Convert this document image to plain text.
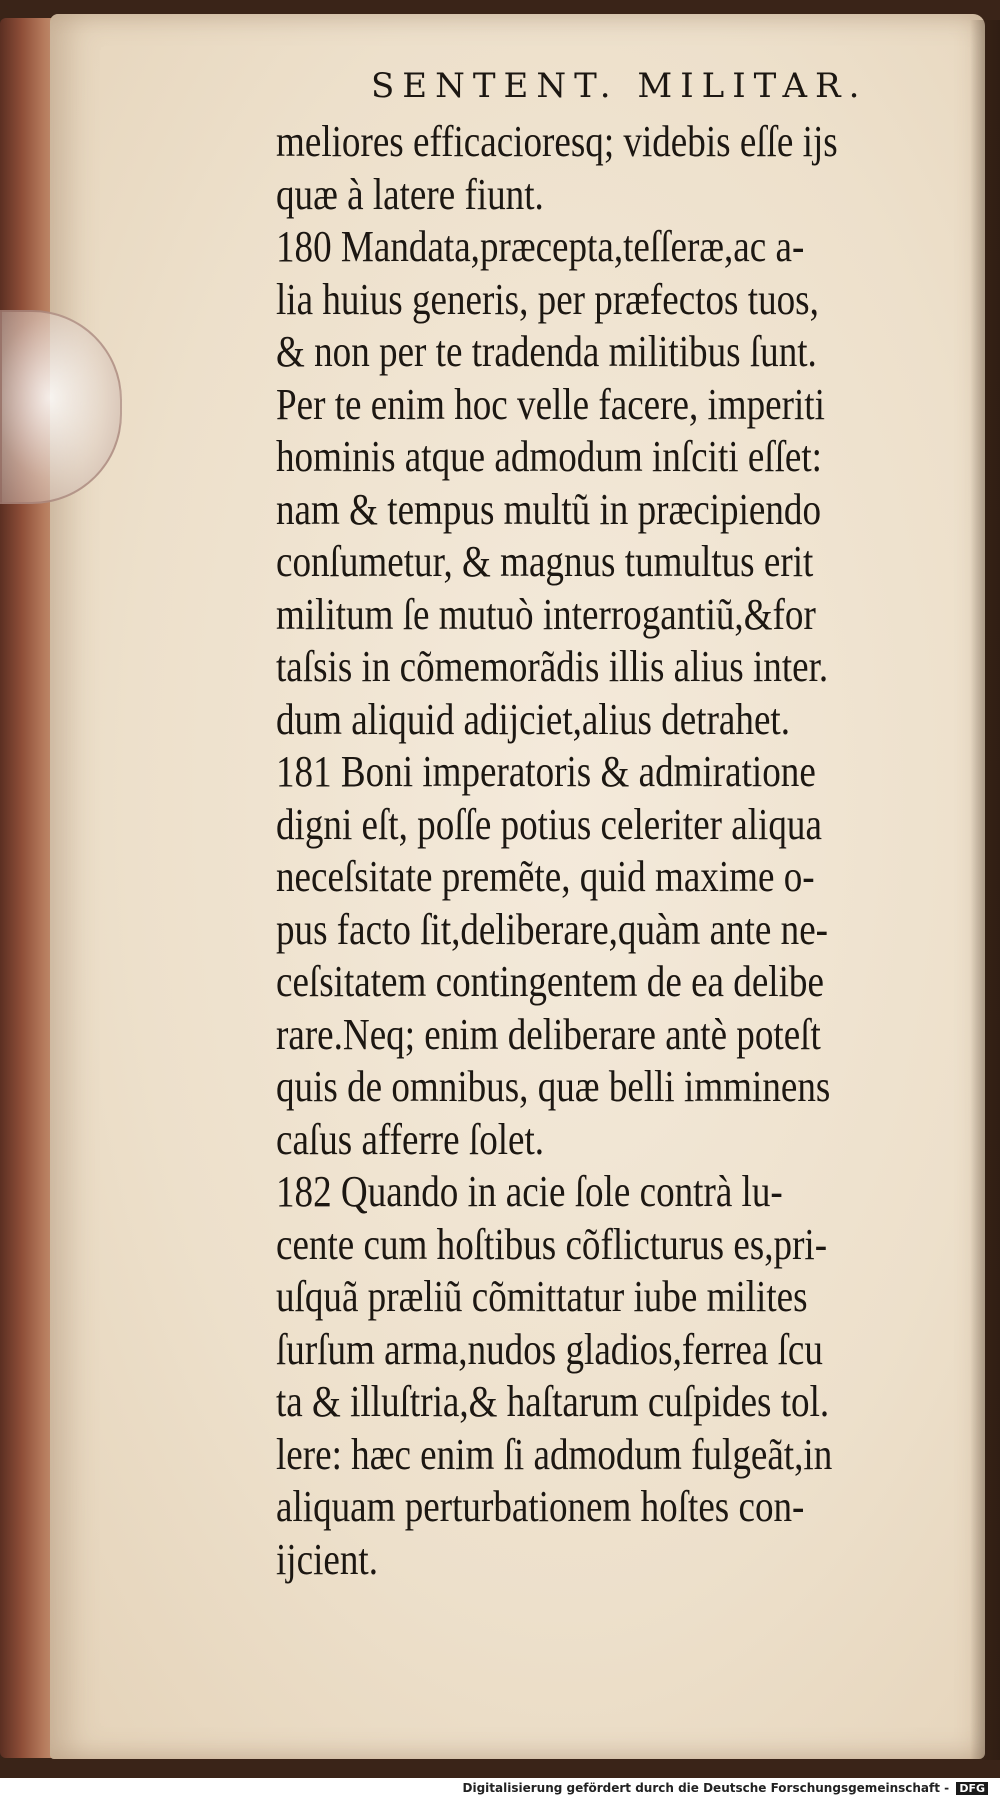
SENTENT. MILITAR.
meliores efficacioresq; videbis eſſe ijs
quæ à latere fiunt.
180 Mandata,præcepta,teſſeræ,ac a-
lia huius generis, per præfectos tuos,
& non per te tradenda militibus ſunt.
Per te enim hoc velle facere, imperiti
hominis atque admodum inſciti eſſet:
nam & tempus multũ in præcipiendo
conſumetur, & magnus tumultus erit
militum ſe mutuò interrogantiũ,&for
taſsis in cõmemorãdis illis alius inter.
dum aliquid adijciet,alius detrahet.
181 Boni imperatoris & admiratione
digni eſt, poſſe potius celeriter aliqua
neceſsitate premẽte, quid maxime o-
pus facto ſit,deliberare,quàm ante ne-
ceſsitatem contingentem de ea delibe
rare.Neq; enim deliberare antè poteſt
quis de omnibus, quæ belli imminens
caſus afferre ſolet.
182 Quando in acie ſole contrà lu-
cente cum hoſtibus cõflicturus es,pri-
uſquã præliũ cõmittatur iube milites
ſurſum arma,nudos gladios,ferrea ſcu
ta & illuſtria,& haſtarum cuſpides tol.
lere: hæc enim ſi admodum fulgeãt,in
aliquam perturbationem hoſtes con-
ijcient.
Digitalisierung gefördert durch die Deutsche Forschungsgemeinschaft - DFG
